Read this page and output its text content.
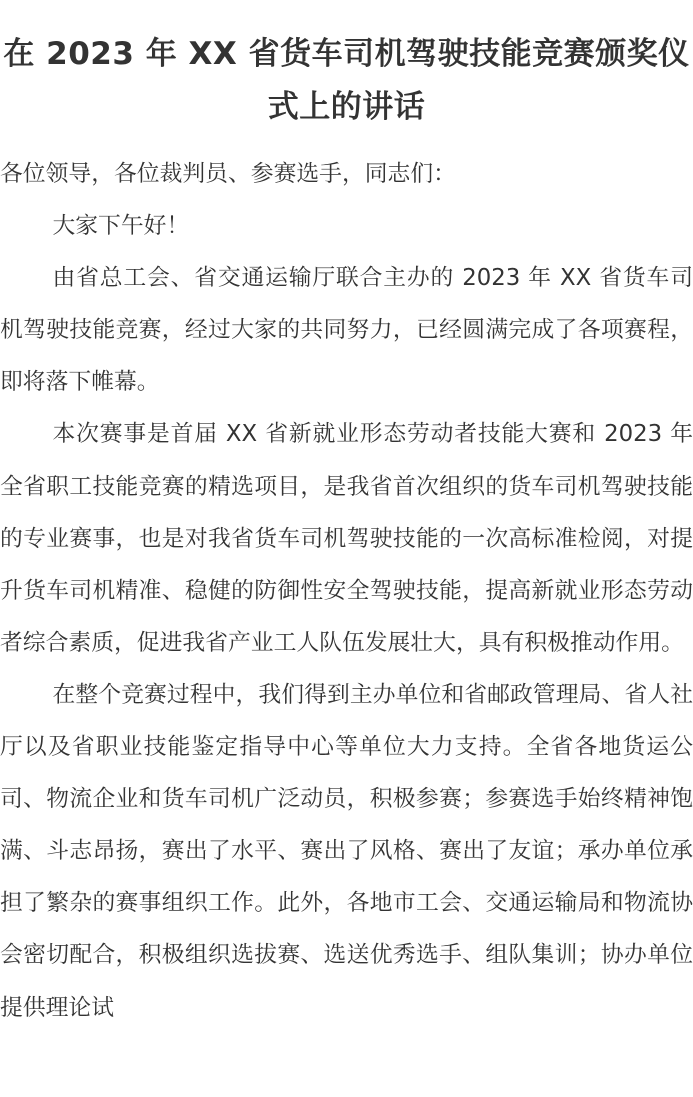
在 2023 年 XX 省货车司机驾驶技能竞赛颁奖仪式上的讲话

各位领导，各位裁判员、参赛选手，同志们：

大家下午好！

由省总工会、省交通运输厅联合主办的 2023 年 XX 省货车司机驾驶技能竞赛，经过大家的共同努力，已经圆满完成了各项赛程，即将落下帷幕。

本次赛事是首届 XX 省新就业形态劳动者技能大赛和 2023 年全省职工技能竞赛的精选项目，是我省首次组织的货车司机驾驶技能的专业赛事，也是对我省货车司机驾驶技能的一次高标准检阅，对提升货车司机精准、稳健的防御性安全驾驶技能，提高新就业形态劳动者综合素质，促进我省产业工人队伍发展壮大，具有积极推动作用。

在整个竞赛过程中，我们得到主办单位和省邮政管理局、省人社厅以及省职业技能鉴定指导中心等单位大力支持。全省各地货运公司、物流企业和货车司机广泛动员，积极参赛；参赛选手始终精神饱满、斗志昂扬，赛出了水平、赛出了风格、赛出了友谊；承办单位承担了繁杂的赛事组织工作。此外，各地市工会、交通运输局和物流协会密切配合，积极组织选拔赛、选送优秀选手、组队集训；协办单位提供理论试
